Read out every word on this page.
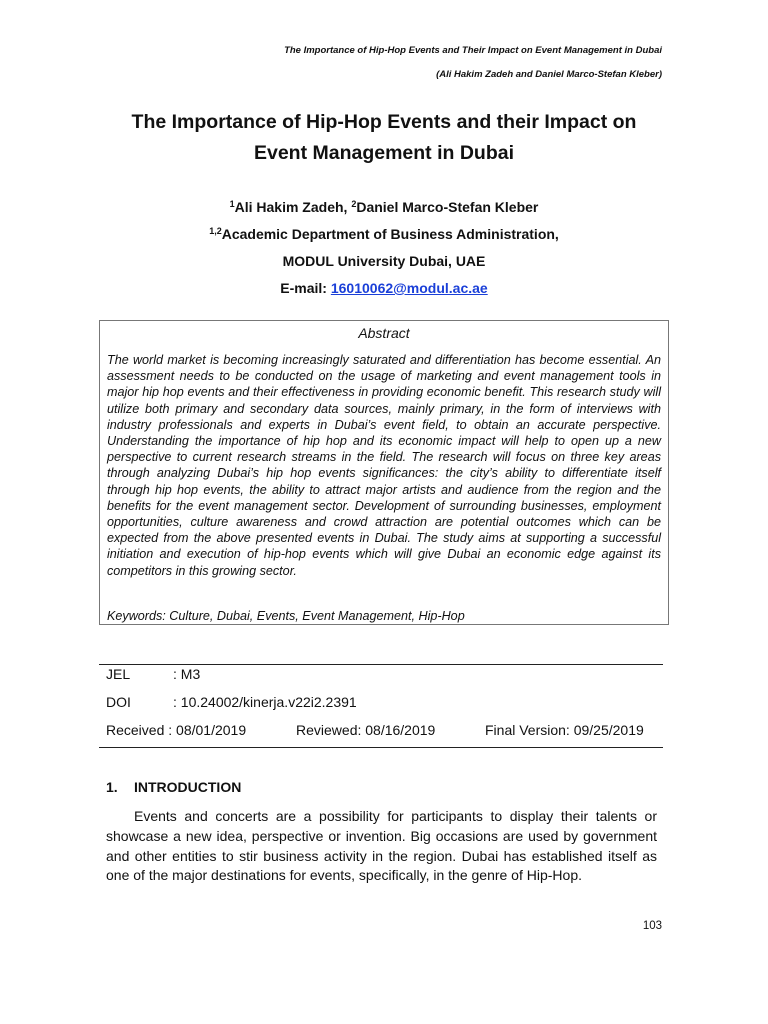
The Importance of Hip-Hop Events and Their Impact on Event Management in Dubai
(Ali Hakim Zadeh and Daniel Marco-Stefan Kleber)
The Importance of Hip-Hop Events and their Impact on
Event Management in Dubai
$^1$Ali Hakim Zadeh, $^2$Daniel Marco-Stefan Kleber
$^{1,2}$Academic Department of Business Administration,
MODUL University Dubai, UAE
E-mail: 16010062@modul.ac.ae
Abstract
The world market is becoming increasingly saturated and differentiation has become essential. An assessment needs to be conducted on the usage of marketing and event management tools in major hip hop events and their effectiveness in providing economic benefit. This research study will utilize both primary and secondary data sources, mainly primary, in the form of interviews with industry professionals and experts in Dubai’s event field, to obtain an accurate perspective. Understanding the importance of hip hop and its economic impact will help to open up a new perspective to current research streams in the field. The research will focus on three key areas through analyzing Dubai’s hip hop events significances: the city’s ability to differentiate itself through hip hop events, the ability to attract major artists and audience from the region and the benefits for the event management sector. Development of surrounding businesses, employment opportunities, culture awareness and crowd attraction are potential outcomes which can be expected from the above presented events in Dubai. The study aims at supporting a successful initiation and execution of hip-hop events which will give Dubai an economic edge against its competitors in this growing sector.
Keywords: Culture, Dubai, Events, Event Management, Hip-Hop
JEL	: M3
DOI	: 10.24002/kinerja.v22i2.2391
Received : 08/01/2019	Reviewed: 08/16/2019	Final Version: 09/25/2019
1. INTRODUCTION
Events and concerts are a possibility for participants to display their talents or showcase a new idea, perspective or invention. Big occasions are used by government and other entities to stir business activity in the region. Dubai has established itself as one of the major destinations for events, specifically, in the genre of Hip-Hop.
103
